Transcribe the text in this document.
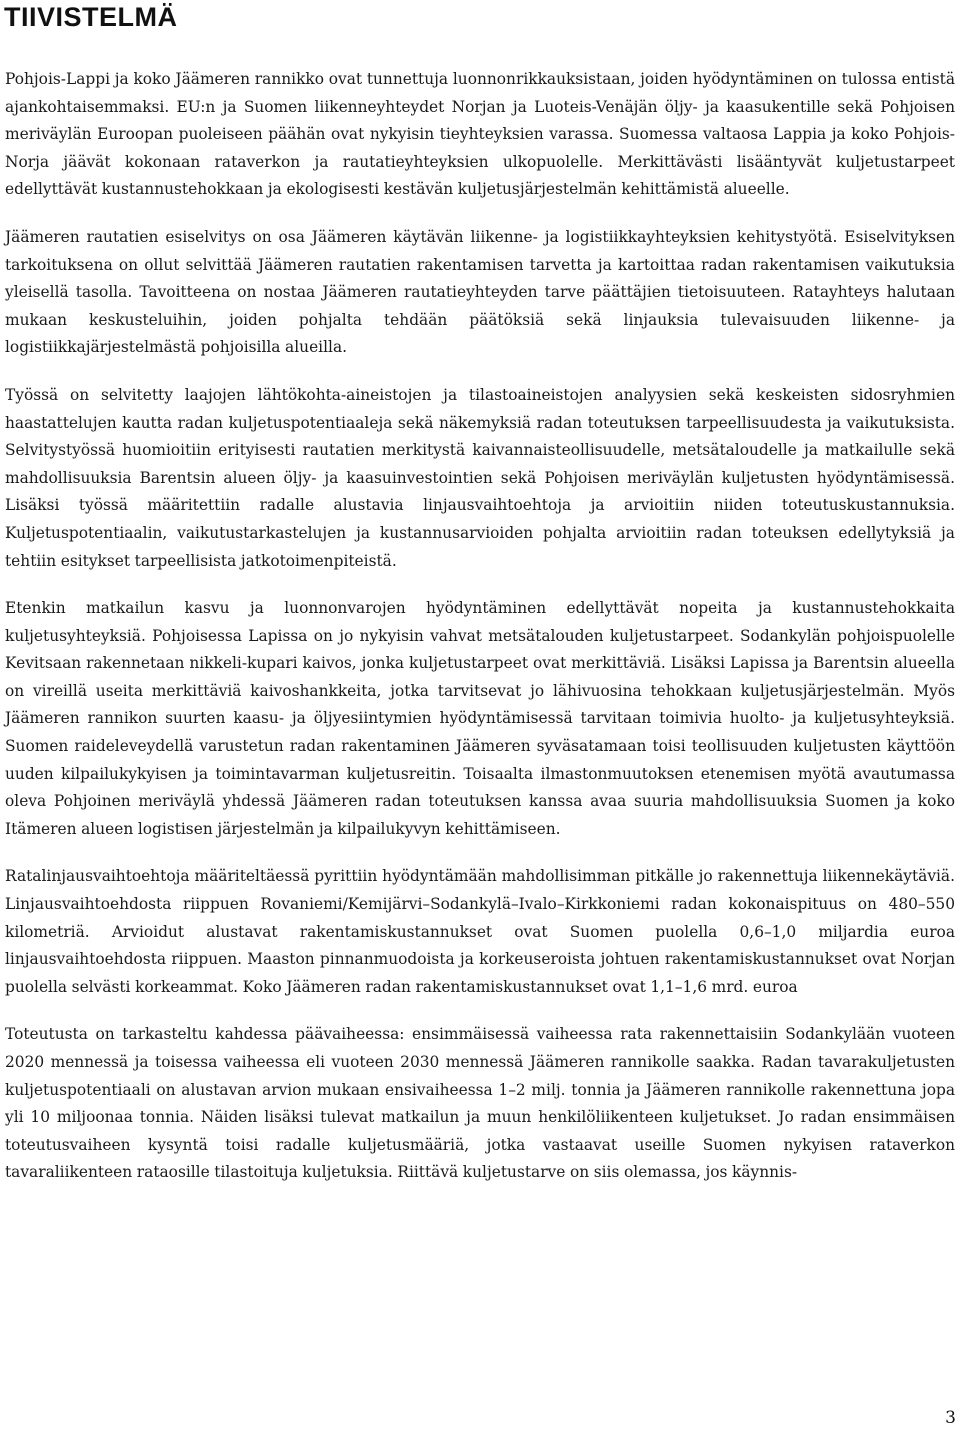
TIIVISTELMÄ

Pohjois-Lappi ja koko Jäämeren rannikko ovat tunnettuja luonnonrikkauksistaan, joiden hyödyntäminen on tulossa entistä ajankohtaisemmaksi. EU:n ja Suomen liikenneyhteydet Norjan ja Luoteis-Venäjän öljy- ja kaasukentille sekä Pohjoisen meriväylän Euroopan puoleiseen päähän ovat nykyisin tieyhteyksien varassa. Suomessa valtaosa Lappia ja koko Pohjois-Norja jäävät kokonaan rataverkon ja rautatieyhteyksien ulkopuolelle. Merkittävästi lisääntyvät kuljetustarpeet edellyttävät kustannustehokkaan ja ekologisesti kestävän kuljetusjärjestelmän kehittämistä alueelle.

Jäämeren rautatien esiselvitys on osa Jäämeren käytävän liikenne- ja logistiikkayhteyksien kehitystyötä. Esiselvityksen tarkoituksena on ollut selvittää Jäämeren rautatien rakentamisen tarvetta ja kartoittaa radan rakentamisen vaikutuksia yleisellä tasolla. Tavoitteena on nostaa Jäämeren rautatieyhteyden tarve päättäjien tietoisuuteen. Ratayhteys halutaan mukaan keskusteluihin, joiden pohjalta tehdään päätöksiä sekä linjauksia tulevaisuuden liikenne- ja logistiikkajärjestelmästä pohjoisilla alueilla.

Työssä on selvitetty laajojen lähtökohta-aineistojen ja tilastoaineistojen analyysien sekä keskeisten sidosryhmien haastattelujen kautta radan kuljetuspotentiaaleja sekä näkemyksiä radan toteutuksen tarpeellisuudesta ja vaikutuksista. Selvitystyössä huomioitiin erityisesti rautatien merkitystä kaivannaisteollisuudelle, metsätaloudelle ja matkailulle sekä mahdollisuuksia Barentsin alueen öljy- ja kaasuinvestointien sekä Pohjoisen meriväylän kuljetusten hyödyntämisessä. Lisäksi työssä määritettiin radalle alustavia linjausvaihtoehtoja ja arvioitiin niiden toteutuskustannuksia. Kuljetuspotentiaalin, vaikutustarkastelujen ja kustannusarvioiden pohjalta arvioitiin radan toteuksen edellytyksiä ja tehtiin esitykset tarpeellisista jatkotoimenpiteistä.

Etenkin matkailun kasvu ja luonnonvarojen hyödyntäminen edellyttävät nopeita ja kustannustehokkaita kuljetusyhteyksiä. Pohjoisessa Lapissa on jo nykyisin vahvat metsätalouden kuljetustarpeet. Sodankylän pohjoispuolelle Kevitsaan rakennetaan nikkeli-kupari kaivos, jonka kuljetustarpeet ovat merkittäviä. Lisäksi Lapissa ja Barentsin alueella on vireillä useita merkittäviä kaivoshankkeita, jotka tarvitsevat jo lähivuosina tehokkaan kuljetusjärjestelmän. Myös Jäämeren rannikon suurten kaasu- ja öljyesiintymien hyödyntämisessä tarvitaan toimivia huolto- ja kuljetusyhteyksiä. Suomen raideleveydellä varustetun radan rakentaminen Jäämeren syväsatamaan toisi teollisuuden kuljetusten käyttöön uuden kilpailukykyisen ja toimintavarman kuljetusreitin. Toisaalta ilmastonmuutoksen etenemisen myötä avautumassa oleva Pohjoinen meriväylä yhdessä Jäämeren radan toteutuksen kanssa avaa suuria mahdollisuuksia Suomen ja koko Itämeren alueen logistisen järjestelmän ja kilpailukyvyn kehittämiseen.

Ratalinjausvaihtoehtoja määriteltäessä pyrittiin hyödyntämään mahdollisimman pitkälle jo rakennettuja liikennekäytäviä. Linjausvaihtoehdosta riippuen Rovaniemi/Kemijärvi–Sodankylä–Ivalo–Kirkkoniemi radan kokonaispituus on 480–550 kilometriä. Arvioidut alustavat rakentamiskustannukset ovat Suomen puolella 0,6–1,0 miljardia euroa linjausvaihtoehdosta riippuen. Maaston pinnanmuodoista ja korkeuseroista johtuen rakentamiskustannukset ovat Norjan puolella selvästi korkeammat. Koko Jäämeren radan rakentamiskustannukset ovat 1,1–1,6 mrd. euroa

Toteutusta on tarkasteltu kahdessa päävaiheessa: ensimmäisessä vaiheessa rata rakennettaisiin Sodankylään vuoteen 2020 mennessä ja toisessa vaiheessa eli vuoteen 2030 mennessä Jäämeren rannikolle saakka. Radan tavarakuljetusten kuljetuspotentiaali on alustavan arvion mukaan ensivaiheessa 1–2 milj. tonnia ja Jäämeren rannikolle rakennettuna jopa yli 10 miljoonaa tonnia. Näiden lisäksi tulevat matkailun ja muun henkilöliikenteen kuljetukset. Jo radan ensimmäisen toteutusvaiheen kysyntä toisi radalle kuljetusmääriä, jotka vastaavat useille Suomen nykyisen rataverkon tavaraliikenteen rataosille tilastoituja kuljetuksia. Riittävä kuljetustarve on siis olemassa, jos käynnis-

3
